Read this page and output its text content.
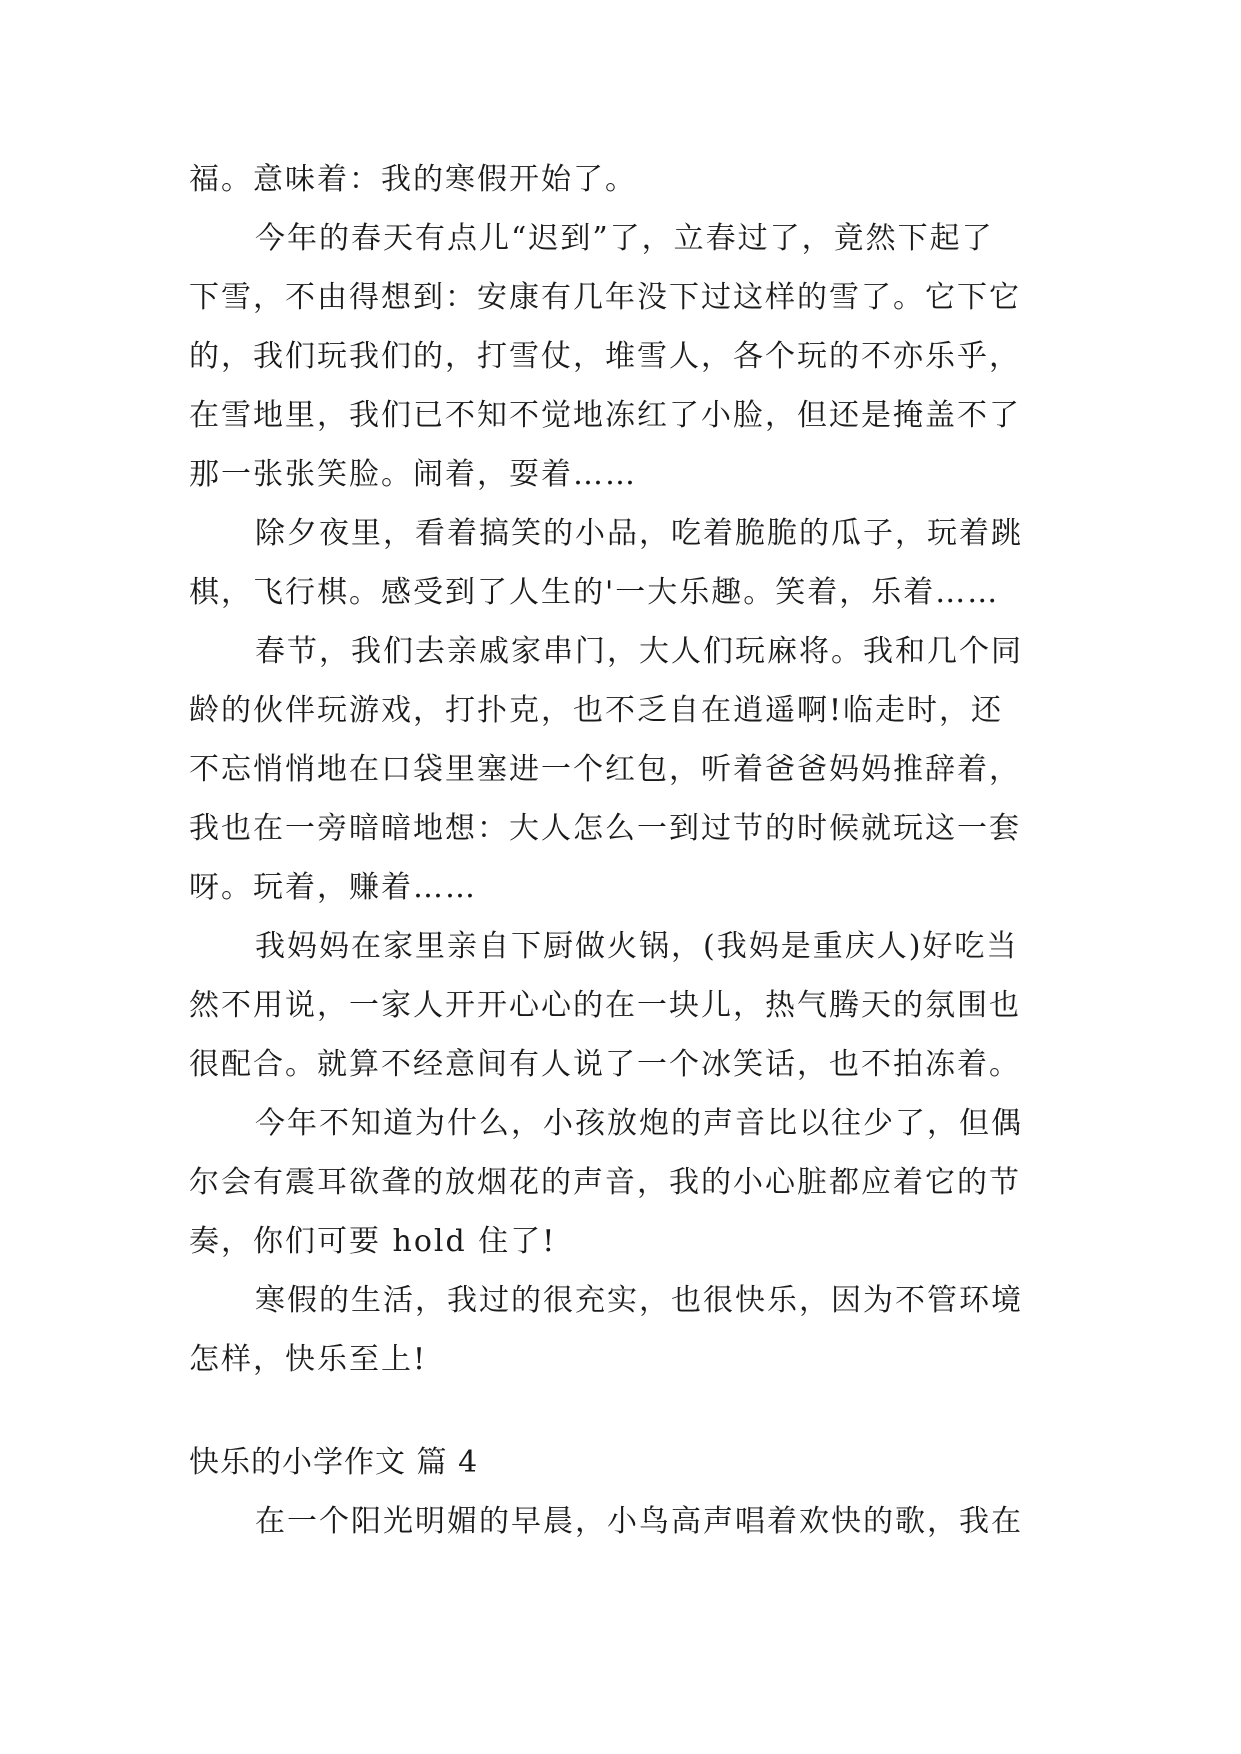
福。意味着：我的寒假开始了。
今年的春天有点儿“迟到”了，立春过了，竟然下起了
下雪，不由得想到：安康有几年没下过这样的雪了。它下它
的，我们玩我们的，打雪仗，堆雪人，各个玩的不亦乐乎，
在雪地里，我们已不知不觉地冻红了小脸，但还是掩盖不了
那一张张笑脸。闹着，耍着……
除夕夜里，看着搞笑的小品，吃着脆脆的瓜子，玩着跳
棋，飞行棋。感受到了人生的'一大乐趣。笑着，乐着……
春节，我们去亲戚家串门，大人们玩麻将。我和几个同
龄的伙伴玩游戏，打扑克，也不乏自在逍遥啊!临走时，还
不忘悄悄地在口袋里塞进一个红包，听着爸爸妈妈推辞着，
我也在一旁暗暗地想：大人怎么一到过节的时候就玩这一套
呀。玩着，赚着……
我妈妈在家里亲自下厨做火锅，(我妈是重庆人)好吃当
然不用说，一家人开开心心的在一块儿，热气腾天的氛围也
很配合。就算不经意间有人说了一个冰笑话，也不拍冻着。
今年不知道为什么，小孩放炮的声音比以往少了，但偶
尔会有震耳欲聋的放烟花的声音，我的小心脏都应着它的节
奏，你们可要 hold 住了!
寒假的生活，我过的很充实，也很快乐，因为不管环境
怎样，快乐至上!
快乐的小学作文 篇 4
在一个阳光明媚的早晨，小鸟高声唱着欢快的歌，我在
